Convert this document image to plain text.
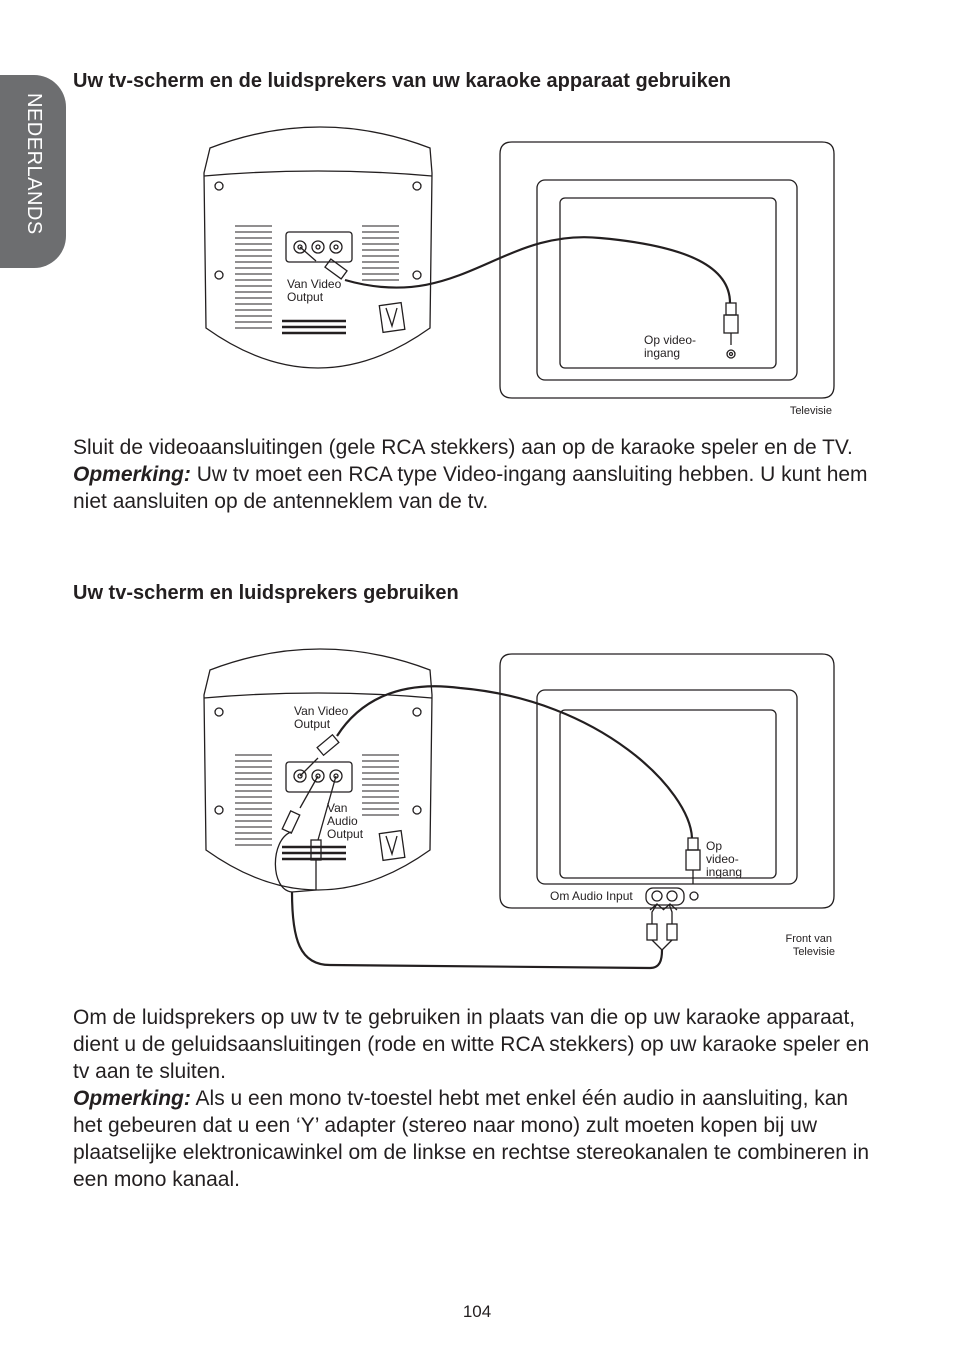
NEDERLANDS
Uw tv-scherm en de luidsprekers van uw karaoke apparaat gebruiken
Van Video Output
Op video- ingang
Televisie

Sluit de videoaansluitingen (gele RCA stekkers) aan op de karaoke speler en de TV.

Opmerking: Uw tv moet een RCA type Video-ingang aansluiting hebben. U kunt hem niet aansluiten op de antenneklem van de tv.

Uw tv-scherm en luidsprekers gebruiken
Van Video Output
Van Audio Output
Op video- ingang
Om Audio Input
Front van Televisie

Om de luidsprekers op uw tv te gebruiken in plaats van die op uw karaoke apparaat, dient u de geluidsaansluitingen (rode en witte RCA stekkers) op uw karaoke speler en tv aan te sluiten.

Opmerking: Als u een mono tv-toestel hebt met enkel één audio in aansluiting, kan het gebeuren dat u een ‘Y’ adapter (stereo naar mono) zult moeten kopen bij uw plaatselijke elektronicawinkel om de linkse en rechtse stereokanalen te combineren in een mono kanaal.

104
